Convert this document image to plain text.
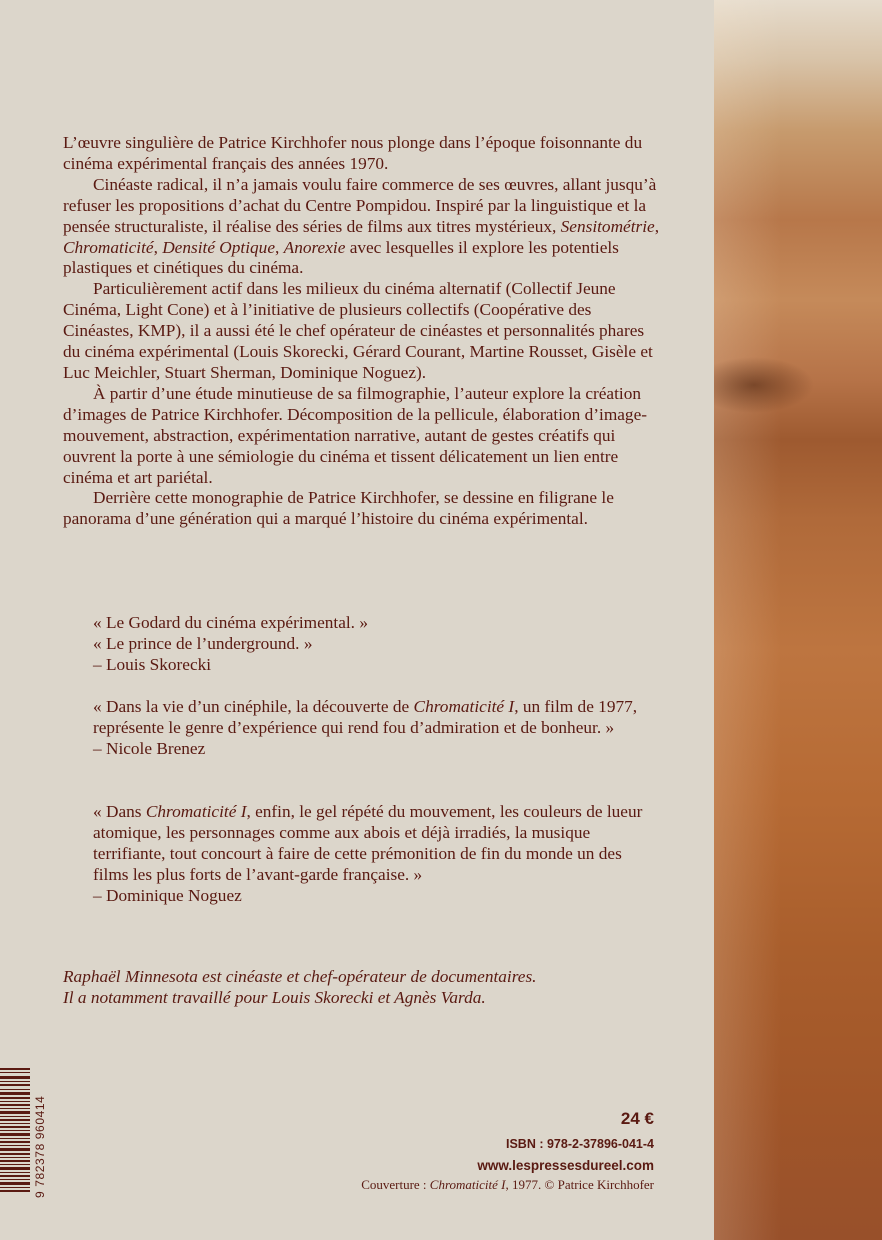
L’œuvre singulière de Patrice Kirchhofer nous plonge dans l’époque foisonnante du cinéma expérimental français des années 1970.

Cinéaste radical, il n’a jamais voulu faire commerce de ses œuvres, allant jusqu’à refuser les propositions d’achat du Centre Pompidou. Inspiré par la linguistique et la pensée structuraliste, il réalise des séries de films aux titres mystérieux, Sensitométrie, Chromaticité, Densité Optique, Anorexie avec lesquelles il explore les potentiels plastiques et cinétiques du cinéma.

Particulièrement actif dans les milieux du cinéma alternatif (Collectif Jeune Cinéma, Light Cone) et à l’initiative de plusieurs collectifs (Coopérative des Cinéastes, KMP), il a aussi été le chef opérateur de cinéastes et personnalités phares du cinéma expérimental (Louis Skorecki, Gérard Courant, Martine Rousset, Gisèle et Luc Meichler, Stuart Sherman, Dominique Noguez).

À partir d’une étude minutieuse de sa filmographie, l’auteur explore la création d’images de Patrice Kirchhofer. Décomposition de la pellicule, élaboration d’image-mouvement, abstraction, expérimentation narrative, autant de gestes créatifs qui ouvrent la porte à une sémiologie du cinéma et tissent délicatement un lien entre cinéma et art pariétal.

Derrière cette monographie de Patrice Kirchhofer, se dessine en filigrane le panorama d’une génération qui a marqué l’histoire du cinéma expérimental.

« Le Godard du cinéma expérimental. »
« Le prince de l’underground. »
– Louis Skorecki
« Dans la vie d’un cinéphile, la découverte de Chromaticité I, un film de 1977, représente le genre d’expérience qui rend fou d’admiration et de bonheur. »
– Nicole Brenez
« Dans Chromaticité I, enfin, le gel répété du mouvement, les couleurs de lueur atomique, les personnages comme aux abois et déjà irradiés, la musique terrifiante, tout concourt à faire de cette prémonition de fin du monde un des films les plus forts de l’avant-garde française. »
– Dominique Noguez
Raphaël Minnesota est cinéaste et chef-opérateur de documentaires.
Il a notamment travaillé pour Louis Skorecki et Agnès Varda.
9 782378 960414	24 €
ISBN : 978-2-37896-041-4
www.lespressesdureel.com
Couverture : Chromaticité I, 1977. © Patrice Kirchhofer
